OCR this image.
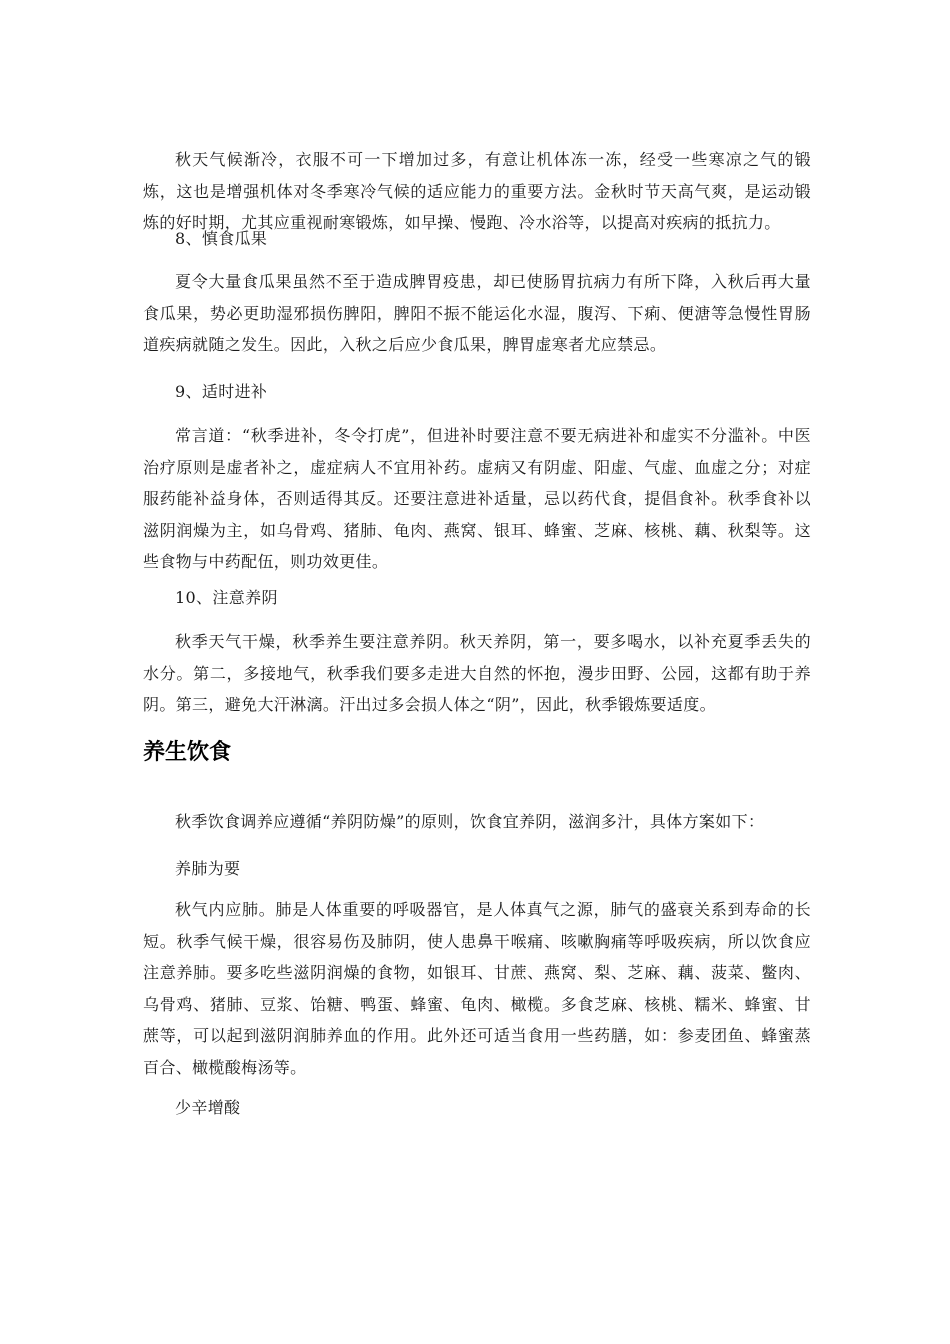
秋天气候渐冷，衣服不可一下增加过多，有意让机体冻一冻，经受一些寒凉之气的锻炼，这也是增强机体对冬季寒冷气候的适应能力的重要方法。金秋时节天高气爽，是运动锻炼的好时期，尤其应重视耐寒锻炼，如早操、慢跑、冷水浴等，以提高对疾病的抵抗力。

8、慎食瓜果

夏令大量食瓜果虽然不至于造成脾胃疫患，却已使肠胃抗病力有所下降，入秋后再大量食瓜果，势必更助湿邪损伤脾阳，脾阳不振不能运化水湿，腹泻、下痢、便溏等急慢性胃肠道疾病就随之发生。因此，入秋之后应少食瓜果，脾胃虚寒者尤应禁忌。

9、适时进补

常言道：“秋季进补，冬令打虎”，但进补时要注意不要无病进补和虚实不分滥补。中医治疗原则是虚者补之，虚症病人不宜用补药。虚病又有阴虚、阳虚、气虚、血虚之分；对症服药能补益身体，否则适得其反。还要注意进补适量，忌以药代食，提倡食补。秋季食补以滋阴润燥为主，如乌骨鸡、猪肺、龟肉、燕窝、银耳、蜂蜜、芝麻、核桃、藕、秋梨等。这些食物与中药配伍，则功效更佳。

10、注意养阴

秋季天气干燥，秋季养生要注意养阴。秋天养阴，第一，要多喝水，以补充夏季丢失的水分。第二，多接地气，秋季我们要多走进大自然的怀抱，漫步田野、公园，这都有助于养阴。第三，避免大汗淋漓。汗出过多会损人体之“阴”，因此，秋季锻炼要适度。

养生饮食

秋季饮食调养应遵循“养阴防燥”的原则，饮食宜养阴，滋润多汁，具体方案如下：

养肺为要

秋气内应肺。肺是人体重要的呼吸器官，是人体真气之源，肺气的盛衰关系到寿命的长短。秋季气候干燥，很容易伤及肺阴，使人患鼻干喉痛、咳嗽胸痛等呼吸疾病，所以饮食应注意养肺。要多吃些滋阴润燥的食物，如银耳、甘蔗、燕窝、梨、芝麻、藕、菠菜、鳖肉、乌骨鸡、猪肺、豆浆、饴糖、鸭蛋、蜂蜜、龟肉、橄榄。多食芝麻、核桃、糯米、蜂蜜、甘蔗等，可以起到滋阴润肺养血的作用。此外还可适当食用一些药膳，如：参麦团鱼、蜂蜜蒸百合、橄榄酸梅汤等。

少辛增酸
